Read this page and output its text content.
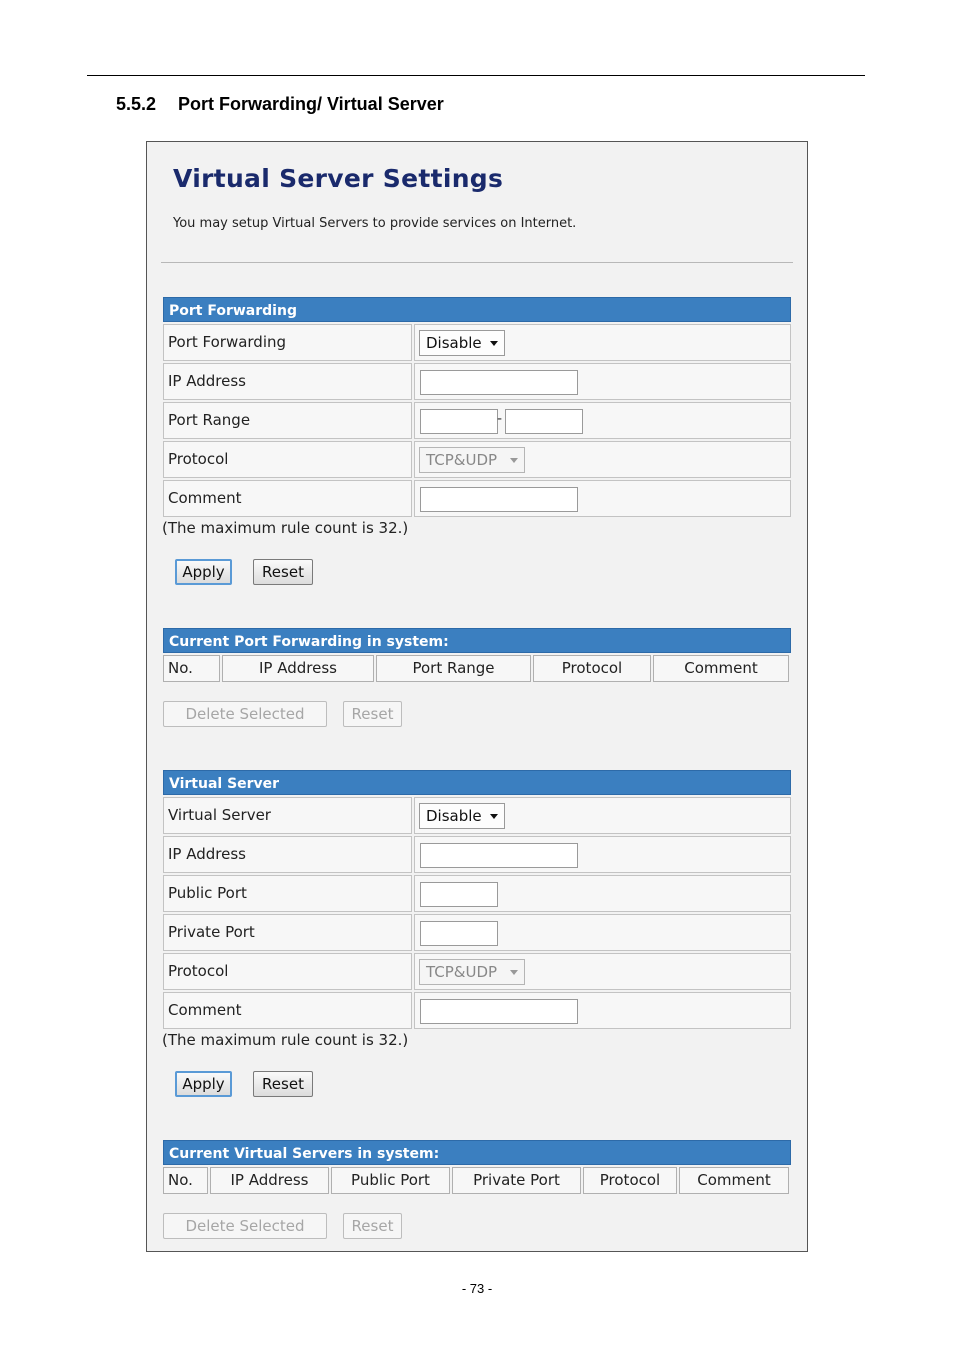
5.5.2 Port Forwarding/ Virtual Server
Virtual Server Settings
You may setup Virtual Servers to provide services on Internet.
Port Forwarding
Port Forwarding	Disable
IP Address
Port Range	-
Protocol	TCP&UDP
Comment
(The maximum rule count is 32.)
Apply	Reset
Current Port Forwarding in system:
No.	IP Address	Port Range	Protocol	Comment
Delete Selected	Reset
Virtual Server
Virtual Server	Disable
IP Address
Public Port
Private Port
Protocol	TCP&UDP
Comment
(The maximum rule count is 32.)
Apply	Reset
Current Virtual Servers in system:
No.	IP Address	Public Port	Private Port	Protocol	Comment
Delete Selected	Reset
- 73 -
